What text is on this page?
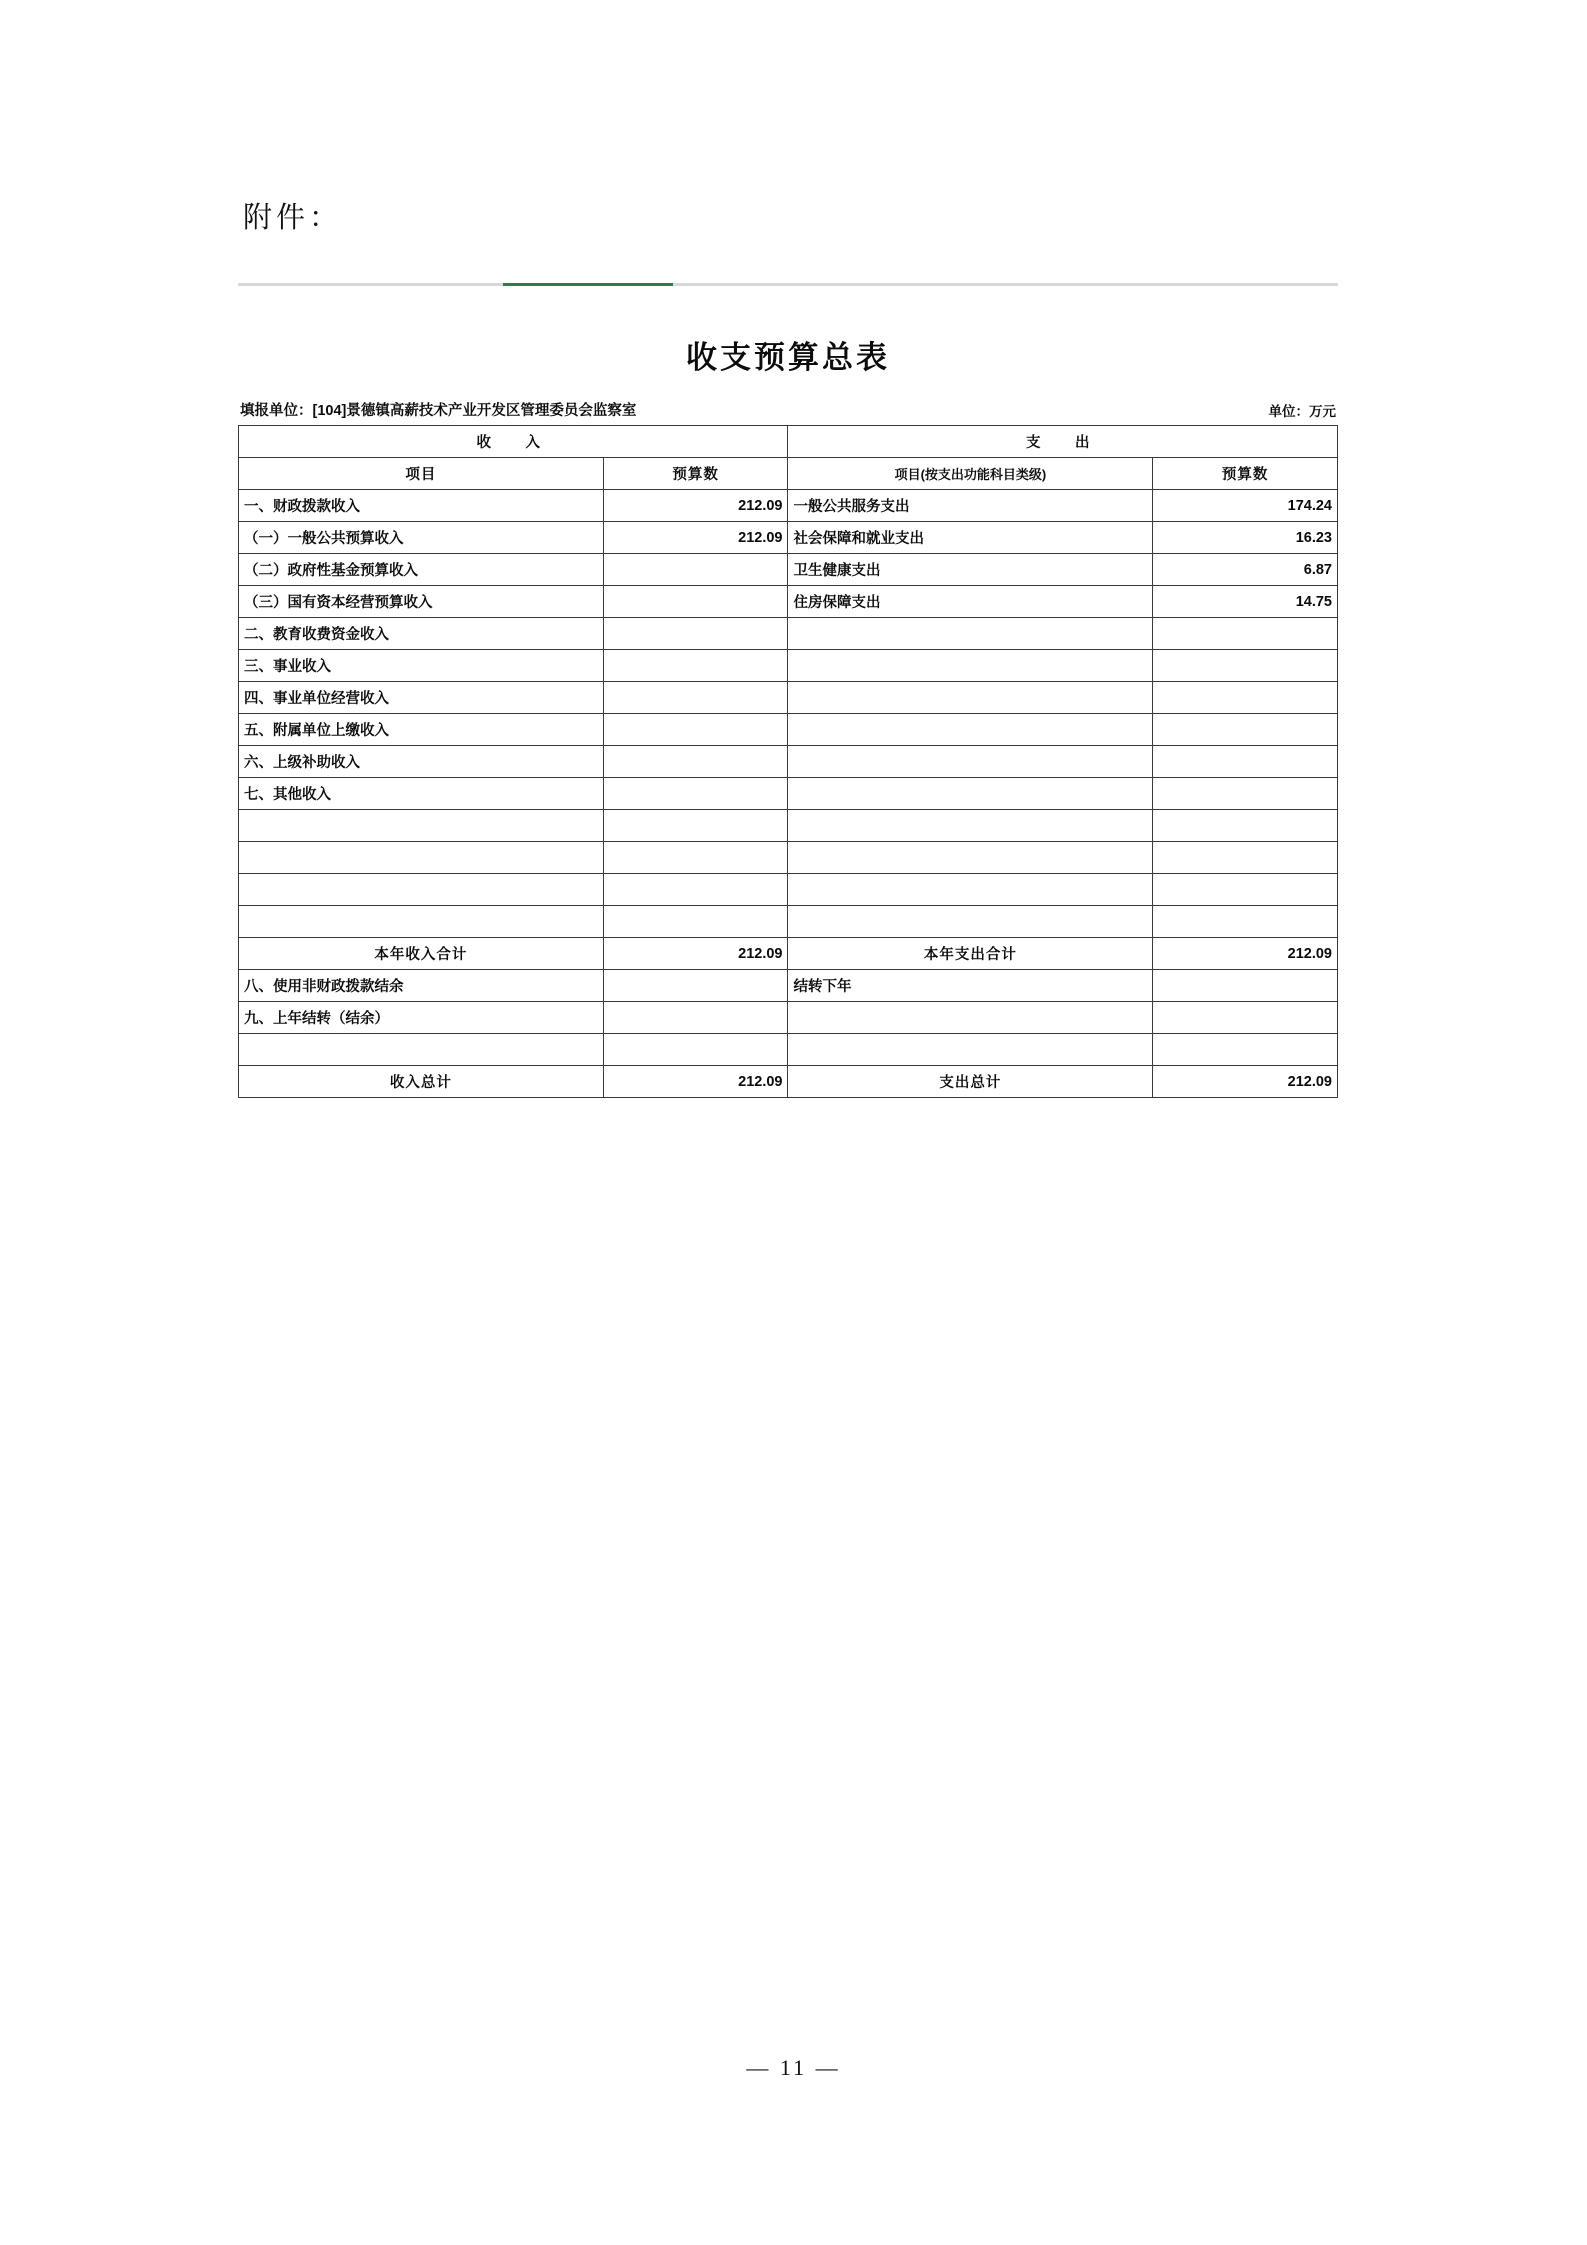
附件：
收支预算总表
填报单位：[104]景德镇高薪技术产业开发区管理委员会监察室	单位：万元
收　入		支　出	
项目	预算数	项目(按支出功能科目类级)	预算数
一、财政拨款收入	212.09	一般公共服务支出	174.24
（一）一般公共预算收入	212.09	社会保障和就业支出	16.23
（二）政府性基金预算收入		卫生健康支出	6.87
（三）国有资本经营预算收入		住房保障支出	14.75
二、教育收费资金收入			
三、事业收入			
四、事业单位经营收入			
五、附属单位上缴收入			
六、上级补助收入			
七、其他收入			

本年收入合计	212.09	本年支出合计	212.09
八、使用非财政拨款结余		结转下年	
九、上年结转（结余）			

收入总计	212.09	支出总计	212.09
— 11 —
